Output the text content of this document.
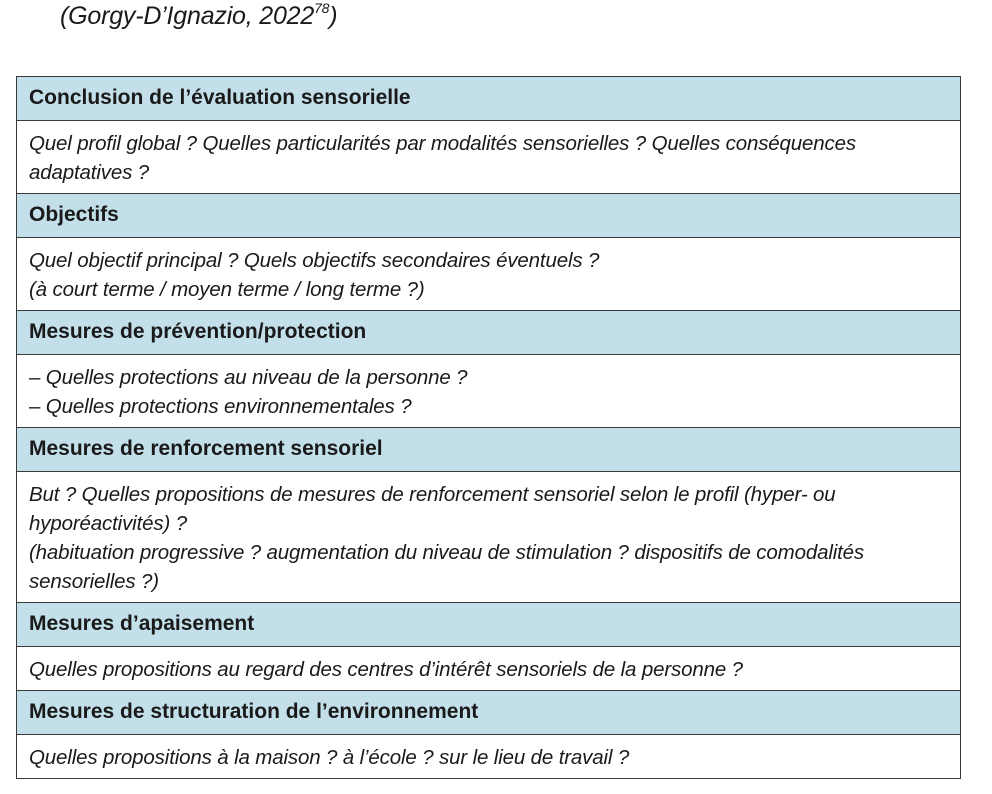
(Gorgy-D’Ignazio, 2022$^{78}$)
Conclusion de l’évaluation sensorielle
Quel profil global ? Quelles particularités par modalités sensorielles ? Quelles conséquences
adaptatives ?
Objectifs
Quel objectif principal ? Quels objectifs secondaires éventuels ?
(à court terme / moyen terme / long terme ?)
Mesures de prévention/protection
– Quelles protections au niveau de la personne ?
– Quelles protections environnementales ?
Mesures de renforcement sensoriel
But ? Quelles propositions de mesures de renforcement sensoriel selon le profil (hyper- ou
hyporéactivités) ?
(habituation progressive ? augmentation du niveau de stimulation ? dispositifs de comodalités
sensorielles ?)
Mesures d’apaisement
Quelles propositions au regard des centres d’intérêt sensoriels de la personne ?
Mesures de structuration de l’environnement
Quelles propositions à la maison ? à l’école ? sur le lieu de travail ?
